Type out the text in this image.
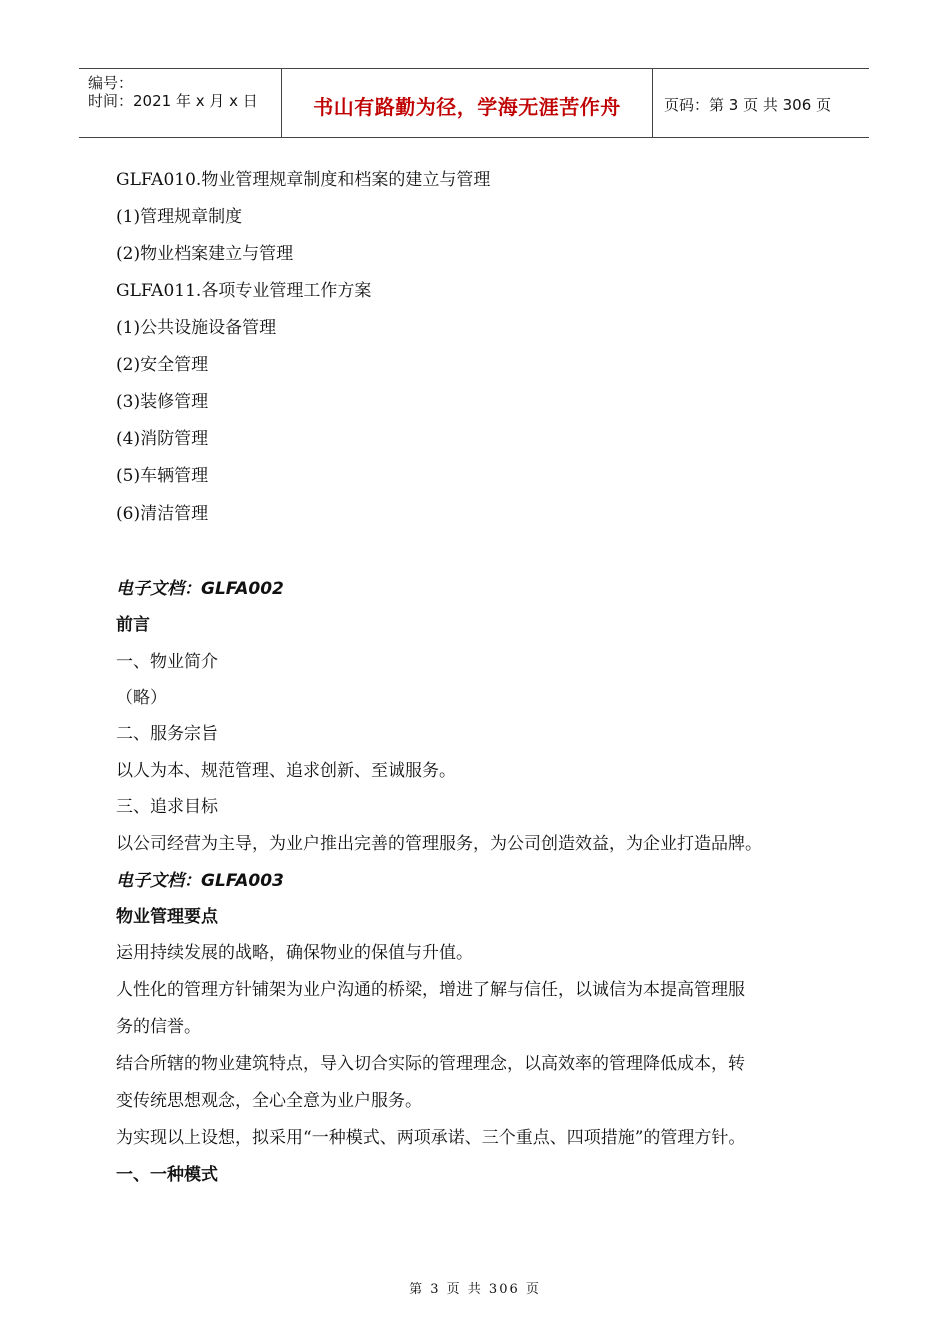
编号：
时间：2021 年 x 月 x 日	书山有路勤为径，学海无涯苦作舟	页码：第 3 页 共 306 页
GLFA010.物业管理规章制度和档案的建立与管理
(1)管理规章制度
(2)物业档案建立与管理
GLFA011.各项专业管理工作方案
(1)公共设施设备管理
(2)安全管理
(3)装修管理
(4)消防管理
(5)车辆管理
(6)清洁管理
电子文档：GLFA002
前言
一、物业简介
（略）
二、服务宗旨
以人为本、规范管理、追求创新、至诚服务。
三、追求目标
以公司经营为主导，为业户推出完善的管理服务，为公司创造效益，为企业打造品牌。
电子文档：GLFA003
物业管理要点
运用持续发展的战略，确保物业的保值与升值。
人性化的管理方针铺架为业户沟通的桥梁，增进了解与信任，以诚信为本提高管理服
务的信誉。
结合所辖的物业建筑特点，导入切合实际的管理理念，以高效率的管理降低成本，转
变传统思想观念，全心全意为业户服务。
为实现以上设想，拟采用“一种模式、两项承诺、三个重点、四项措施”的管理方针。
一、一种模式
第 3 页 共 306 页
